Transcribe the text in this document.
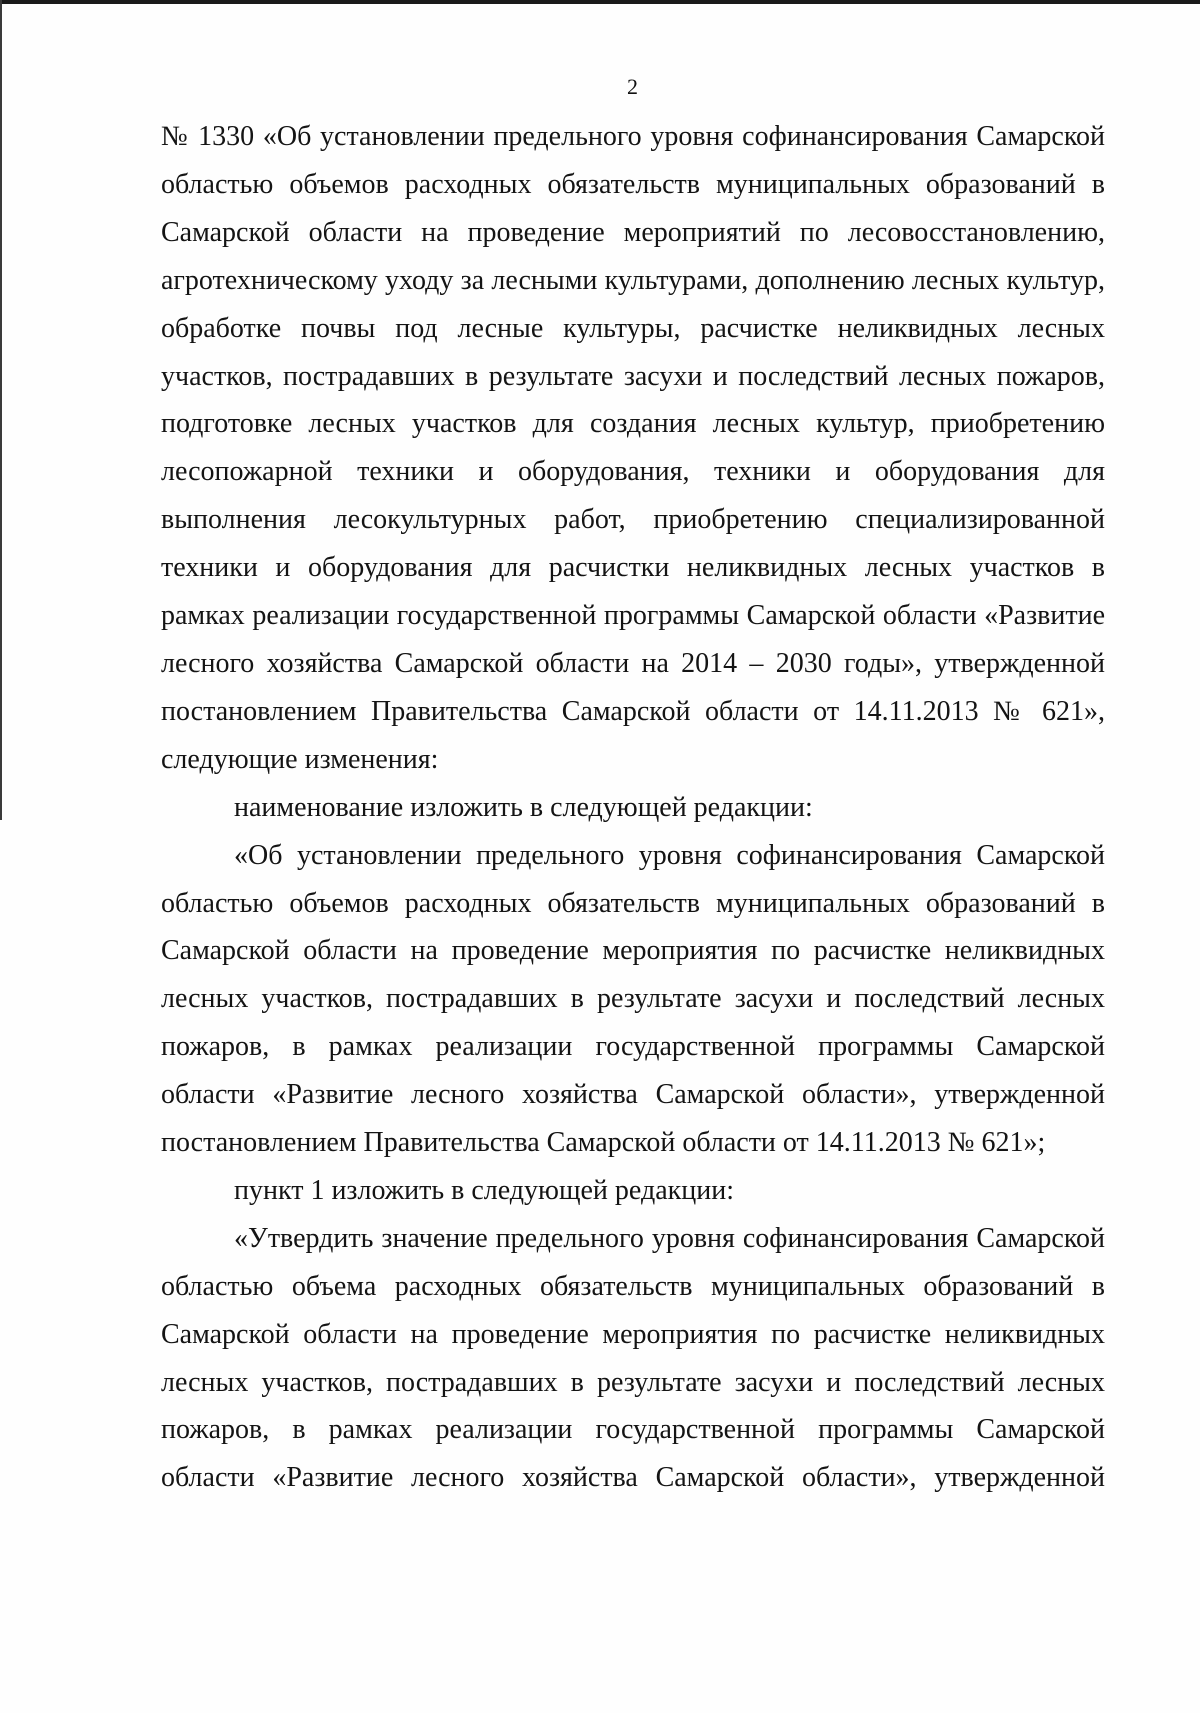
2

№ 1330 «Об установлении предельного уровня софинансирования Самарской областью объемов расходных обязательств муниципальных образований в Самарской области на проведение мероприятий по лесовосстановлению, агротехническому уходу за лесными культурами, дополнению лесных культур, обработке почвы под лесные культуры, расчистке неликвидных лесных участков, пострадавших в результате засухи и последствий лесных пожаров, подготовке лесных участков для создания лесных культур, приобретению лесопожарной техники и оборудования, техники и оборудования для выполнения лесокультурных работ, приобретению специализированной техники и оборудования для расчистки неликвидных лесных участков в рамках реализации государственной программы Самарской области «Развитие лесного хозяйства Самарской области на 2014 – 2030 годы», утвержденной постановлением Правительства Самарской области от 14.11.2013 № 621», следующие изменения:

наименование изложить в следующей редакции:

«Об установлении предельного уровня софинансирования Самарской областью объемов расходных обязательств муниципальных образований в Самарской области на проведение мероприятия по расчистке неликвидных лесных участков, пострадавших в результате засухи и последствий лесных пожаров, в рамках реализации государственной программы Самарской области «Развитие лесного хозяйства Самарской области», утвержденной постановлением Правительства Самарской области от 14.11.2013 № 621»;

пункт 1 изложить в следующей редакции:

«Утвердить значение предельного уровня софинансирования Самарской областью объема расходных обязательств муниципальных образований в Самарской области на проведение мероприятия по расчистке неликвидных лесных участков, пострадавших в результате засухи и последствий лесных пожаров, в рамках реализации государственной программы Самарской области «Развитие лесного хозяйства Самарской области», утвержденной
